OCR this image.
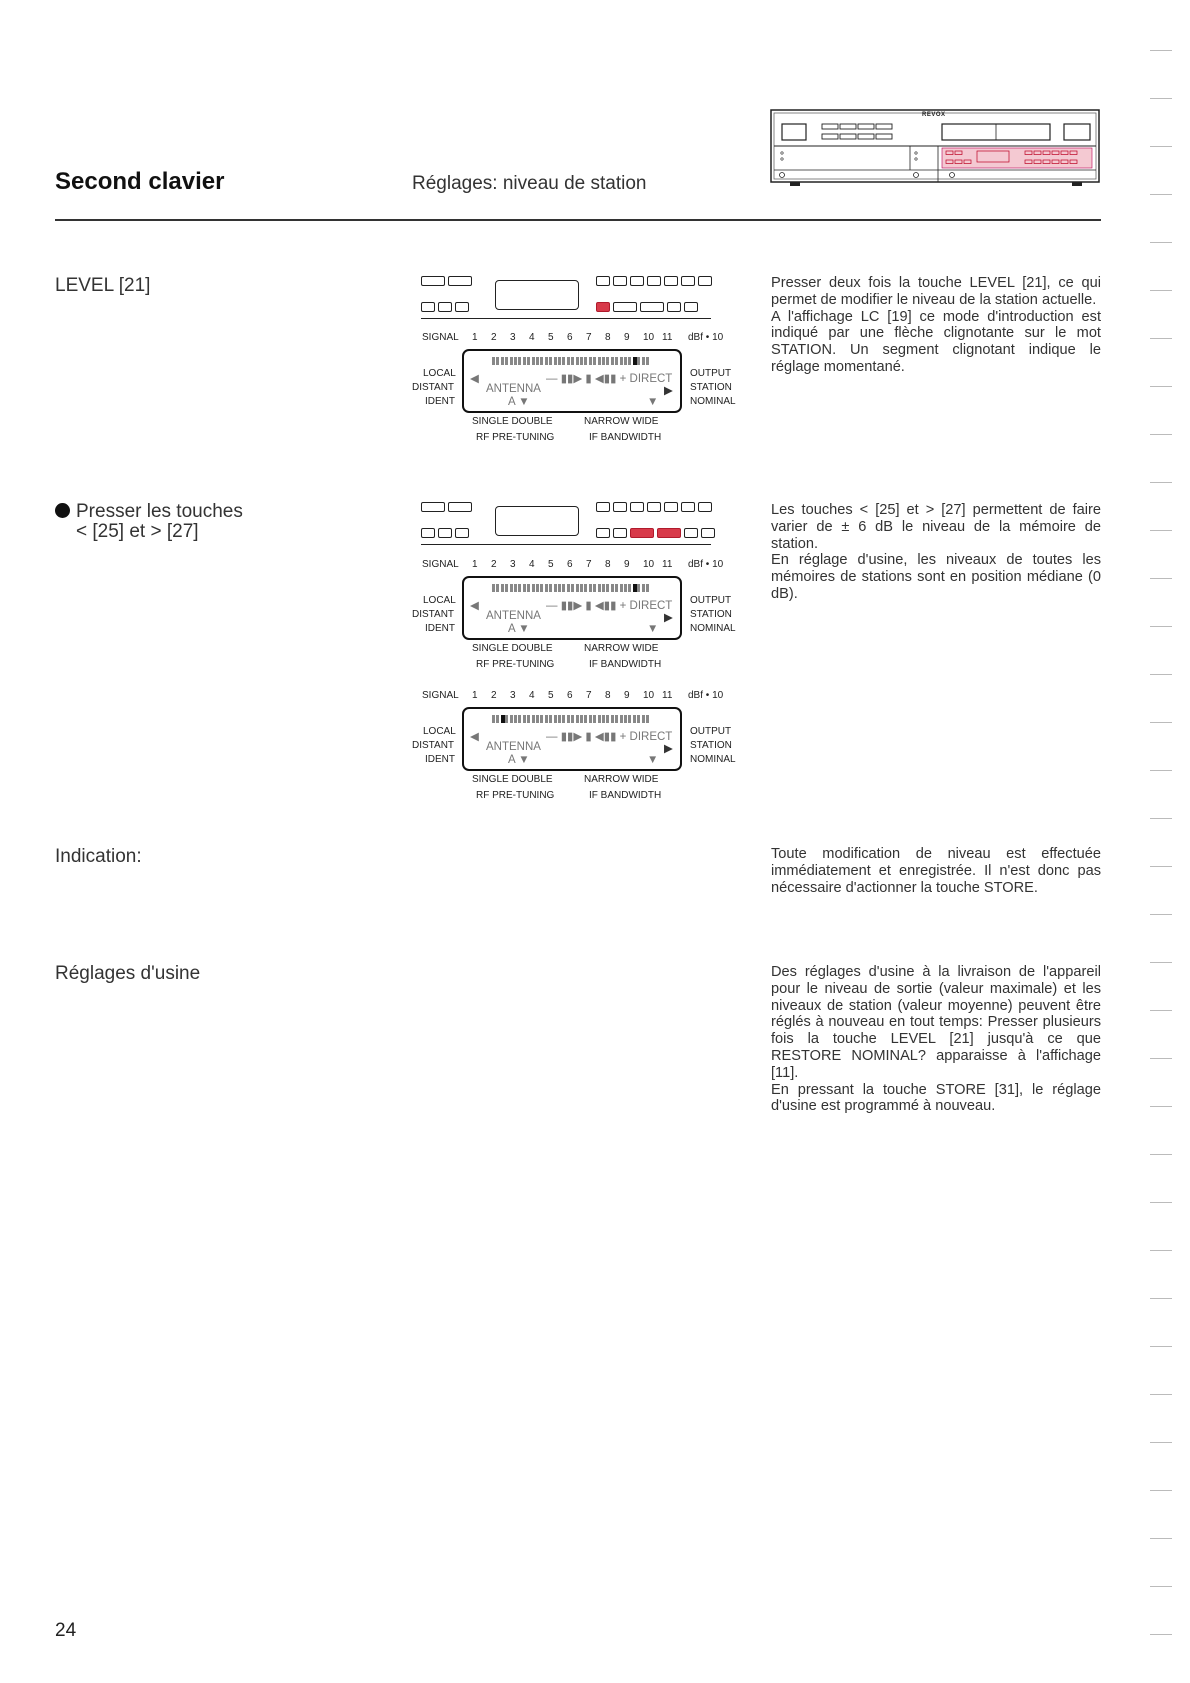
Second clavier	Réglages: niveau de station
REVOX
LEVEL [21]
SIGNAL 1 2 3 4 5 6 7 8 9 10 11 dBf • 10
LOCAL
DISTANT
IDENT
OUTPUT
STATION
NOMINAL
◀	— ▮▮▶ ▮ ◀▮▮ + DIRECT
ANTENNA	▶
A ▼	▼
SINGLE DOUBLE	NARROW WIDE
RF PRE-TUNING	IF BANDWIDTH

Presser deux fois la touche LEVEL [21], ce qui permet de modifier le niveau de la station actuelle.

A l'affichage LC [19] ce mode d'introduction est indiqué par une flèche clignotante sur le mot STATION. Un segment clignotant indique le réglage momentané.

Presser les touches
< [25] et > [27]
SIGNAL 1 2 3 4 5 6 7 8 9 10 11 dBf • 10
LOCAL
DISTANT
IDENT
OUTPUT
STATION
NOMINAL
◀	— ▮▮▶ ▮ ◀▮▮ + DIRECT
ANTENNA	▶
A ▼	▼
SINGLE DOUBLE	NARROW WIDE
RF PRE-TUNING	IF BANDWIDTH
SIGNAL 1 2 3 4 5 6 7 8 9 10 11 dBf • 10
LOCAL
DISTANT
IDENT
OUTPUT
STATION
NOMINAL
◀	— ▮▮▶ ▮ ◀▮▮ + DIRECT
ANTENNA	▶
A ▼	▼
SINGLE DOUBLE	NARROW WIDE
RF PRE-TUNING	IF BANDWIDTH

Les touches < [25] et > [27] permettent de faire varier de ± 6 dB le niveau de la mémoire de station.

En réglage d'usine, les niveaux de toutes les mémoires de stations sont en position médiane (0 dB).

Indication:	Toute modification de niveau est effectuée immédiatement et enregistrée. Il n'est donc pas nécessaire d'actionner la touche STORE.

Réglages d'usine	Des réglages d'usine à la livraison de l'appareil pour le niveau de sortie (valeur maximale) et les niveaux de station (valeur moyenne) peuvent être réglés à nouveau en tout temps: Presser plusieurs fois la touche LEVEL [21] jusqu'à ce que RESTORE NOMINAL? apparaisse à l'affichage [11].

En pressant la touche STORE [31], le réglage d'usine est programmé à nouveau.

24
